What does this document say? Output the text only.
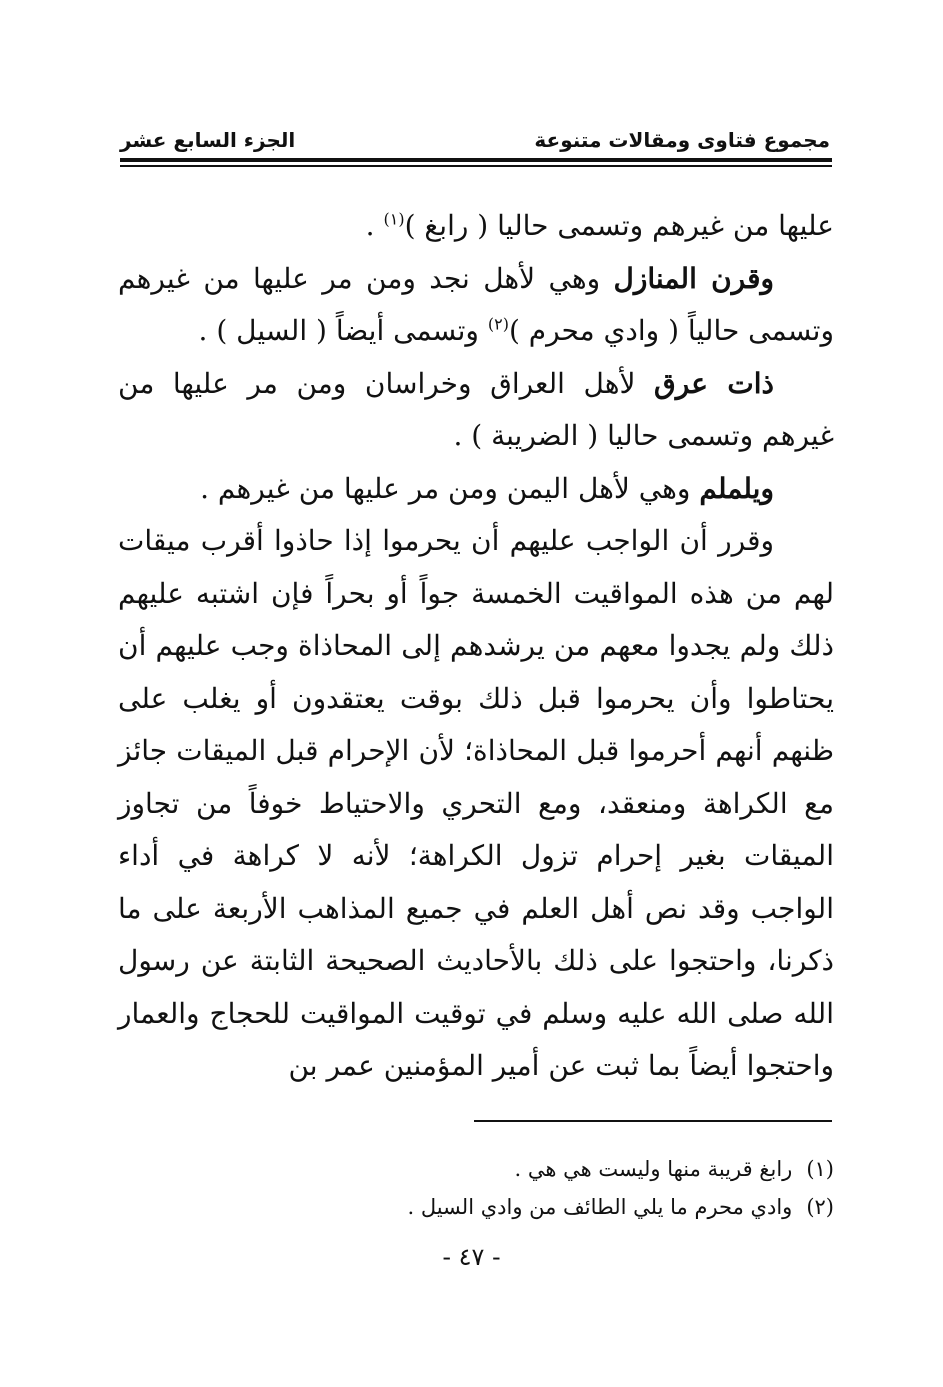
مجموع فتاوى ومقالات متنوعة
الجزء السابع عشر

عليها من غيرهم وتسمى حاليا ( رابغ )$^{(١)}$ .

وقرن المنازل وهي لأهل نجد ومن مر عليها من غيرهم وتسمى حالياً ( وادي محرم )$^{(٢)}$ وتسمى أيضاً ( السيل ) .

ذات عرق لأهل العراق وخراسان ومن مر عليها من غيرهم وتسمى حاليا ( الضريبة ) .

ويلملم وهي لأهل اليمن ومن مر عليها من غيرهم .

وقرر أن الواجب عليهم أن يحرموا إذا حاذوا أقرب ميقات لهم من هذه المواقيت الخمسة جواً أو بحراً فإن اشتبه عليهم ذلك ولم يجدوا معهم من يرشدهم إلى المحاذاة وجب عليهم أن يحتاطوا وأن يحرموا قبل ذلك بوقت يعتقدون أو يغلب على ظنهم أنهم أحرموا قبل المحاذاة؛ لأن الإحرام قبل الميقات جائز مع الكراهة ومنعقد، ومع التحري والاحتياط خوفاً من تجاوز الميقات بغير إحرام تزول الكراهة؛ لأنه لا كراهة في أداء الواجب وقد نص أهل العلم في جميع المذاهب الأربعة على ما ذكرنا، واحتجوا على ذلك بالأحاديث الصحيحة الثابتة عن رسول الله صلى الله عليه وسلم في توقيت المواقيت للحجاج والعمار واحتجوا أيضاً بما ثبت عن أمير المؤمنين عمر بن

(١)
رابغ قريبة منها وليست هي هي .
(٢)
وادي محرم ما يلي الطائف من وادي السيل .
- ٤٧ -
